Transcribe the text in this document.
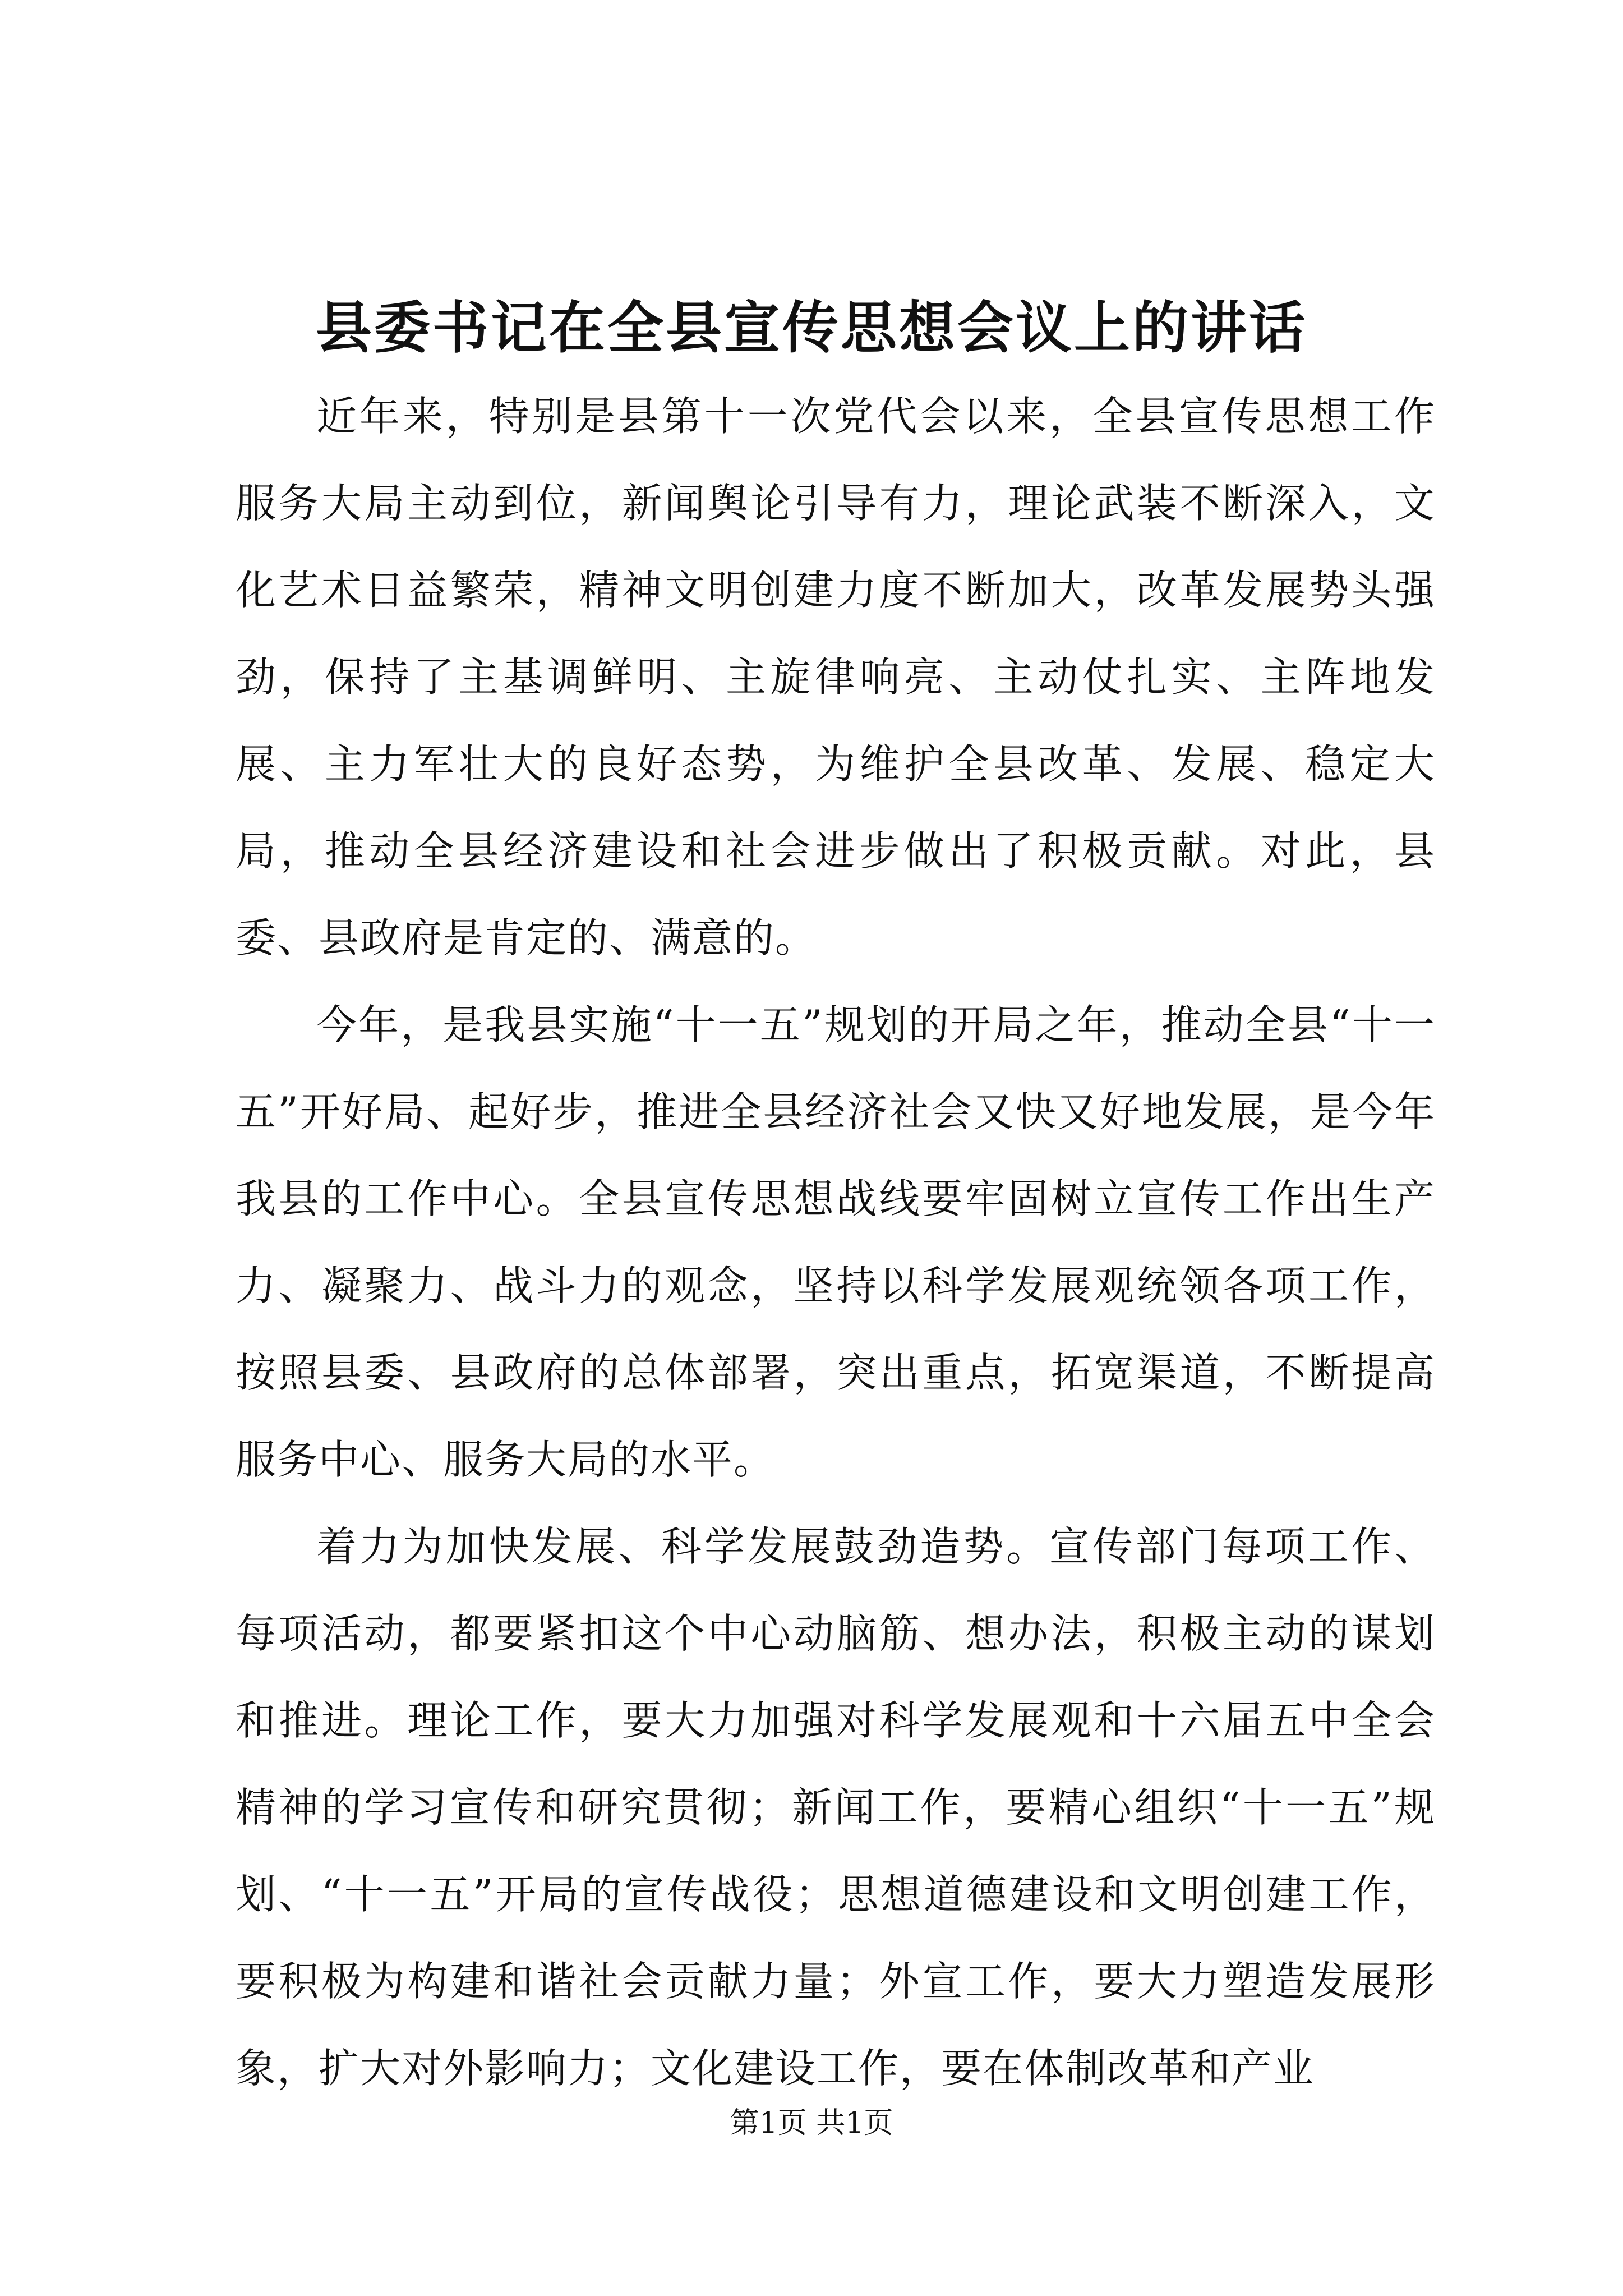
县委书记在全县宣传思想会议上的讲话

近年来，特别是县第十一次党代会以来，全县宣传思想工作服务大局主动到位，新闻舆论引导有力，理论武装不断深入，文化艺术日益繁荣，精神文明创建力度不断加大，改革发展势头强劲，保持了主基调鲜明、主旋律响亮、主动仗扎实、主阵地发展、主力军壮大的良好态势，为维护全县改革、发展、稳定大局，推动全县经济建设和社会进步做出了积极贡献。对此，县委、县政府是肯定的、满意的。

今年，是我县实施“十一五”规划的开局之年，推动全县“十一五”开好局、起好步，推进全县经济社会又快又好地发展，是今年我县的工作中心。全县宣传思想战线要牢固树立宣传工作出生产力、凝聚力、战斗力的观念，坚持以科学发展观统领各项工作，按照县委、县政府的总体部署，突出重点，拓宽渠道，不断提高服务中心、服务大局的水平。

着力为加快发展、科学发展鼓劲造势。宣传部门每项工作、每项活动，都要紧扣这个中心动脑筋、想办法，积极主动的谋划和推进。理论工作，要大力加强对科学发展观和十六届五中全会精神的学习宣传和研究贯彻；新闻工作，要精心组织“十一五”规划、“十一五”开局的宣传战役；思想道德建设和文明创建工作，要积极为构建和谐社会贡献力量；外宣工作，要大力塑造发展形象，扩大对外影响力；文化建设工作，要在体制改革和产业

第1页 共1页
